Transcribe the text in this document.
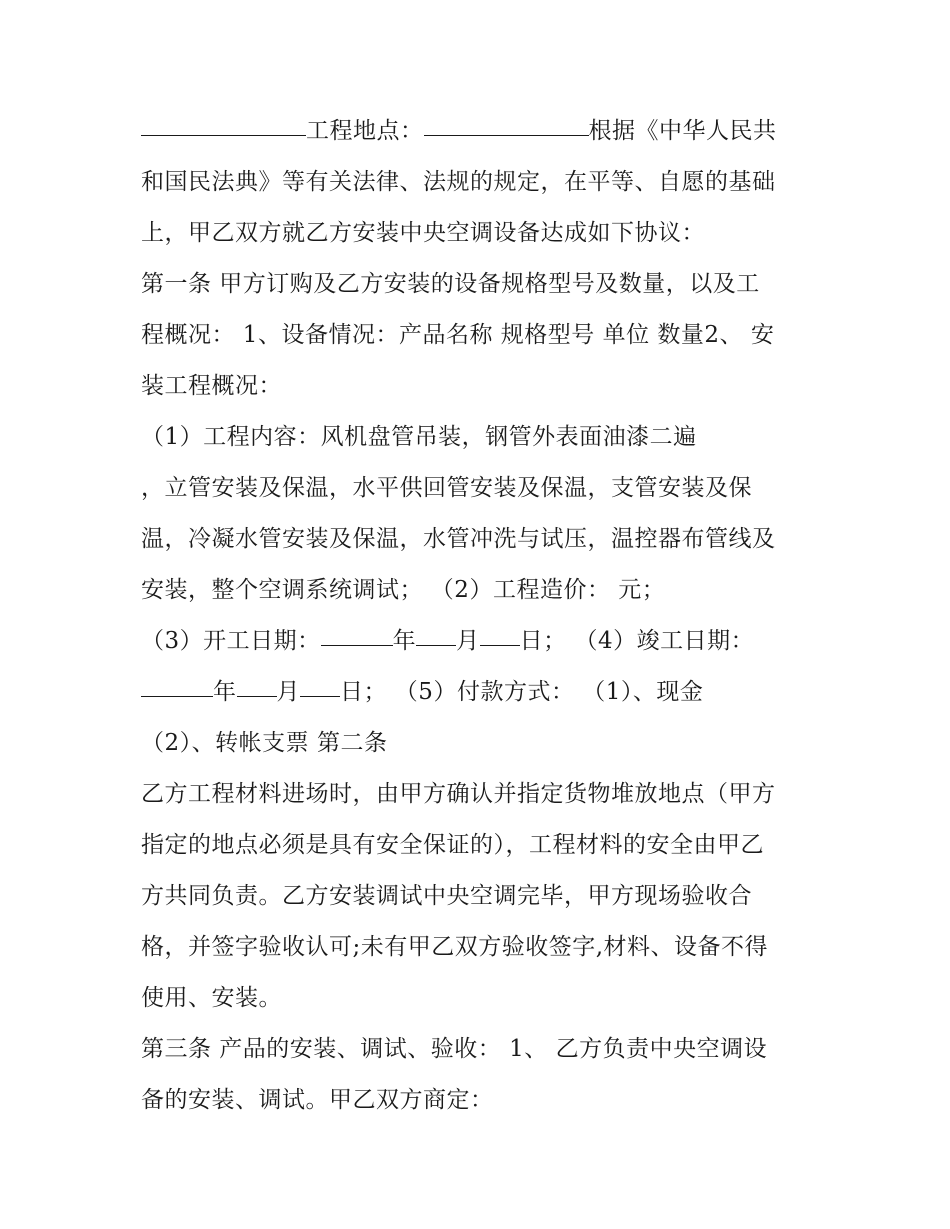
工程地点：	根据《中华人民共
和国民法典》等有关法律、法规的规定，在平等、自愿的基础
上，甲乙双方就乙方安装中央空调设备达成如下协议：
第一条 甲方订购及乙方安装的设备规格型号及数量，以及工
程概况： 1、设备情况：产品名称 规格型号 单位 数量2、 安
装工程概况：
（1）工程内容：风机盘管吊装，钢管外表面油漆二遍
，立管安装及保温，水平供回管安装及保温，支管安装及保
温，冷凝水管安装及保温，水管冲洗与试压，温控器布管线及
安装，整个空调系统调试； （2）工程造价： 元；
（3）开工日期：	年 月 日； （4）竣工日期：
年 月 日； （5）付款方式： （1）、现金
（2）、转帐支票 第二条
乙方工程材料进场时，由甲方确认并指定货物堆放地点（甲方
指定的地点必须是具有安全保证的），工程材料的安全由甲乙
方共同负责。乙方安装调试中央空调完毕，甲方现场验收合
格，并签字验收认可;未有甲乙双方验收签字,材料、设备不得
使用、安装。
第三条 产品的安装、调试、验收： 1、 乙方负责中央空调设
备的安装、调试。甲乙双方商定：
